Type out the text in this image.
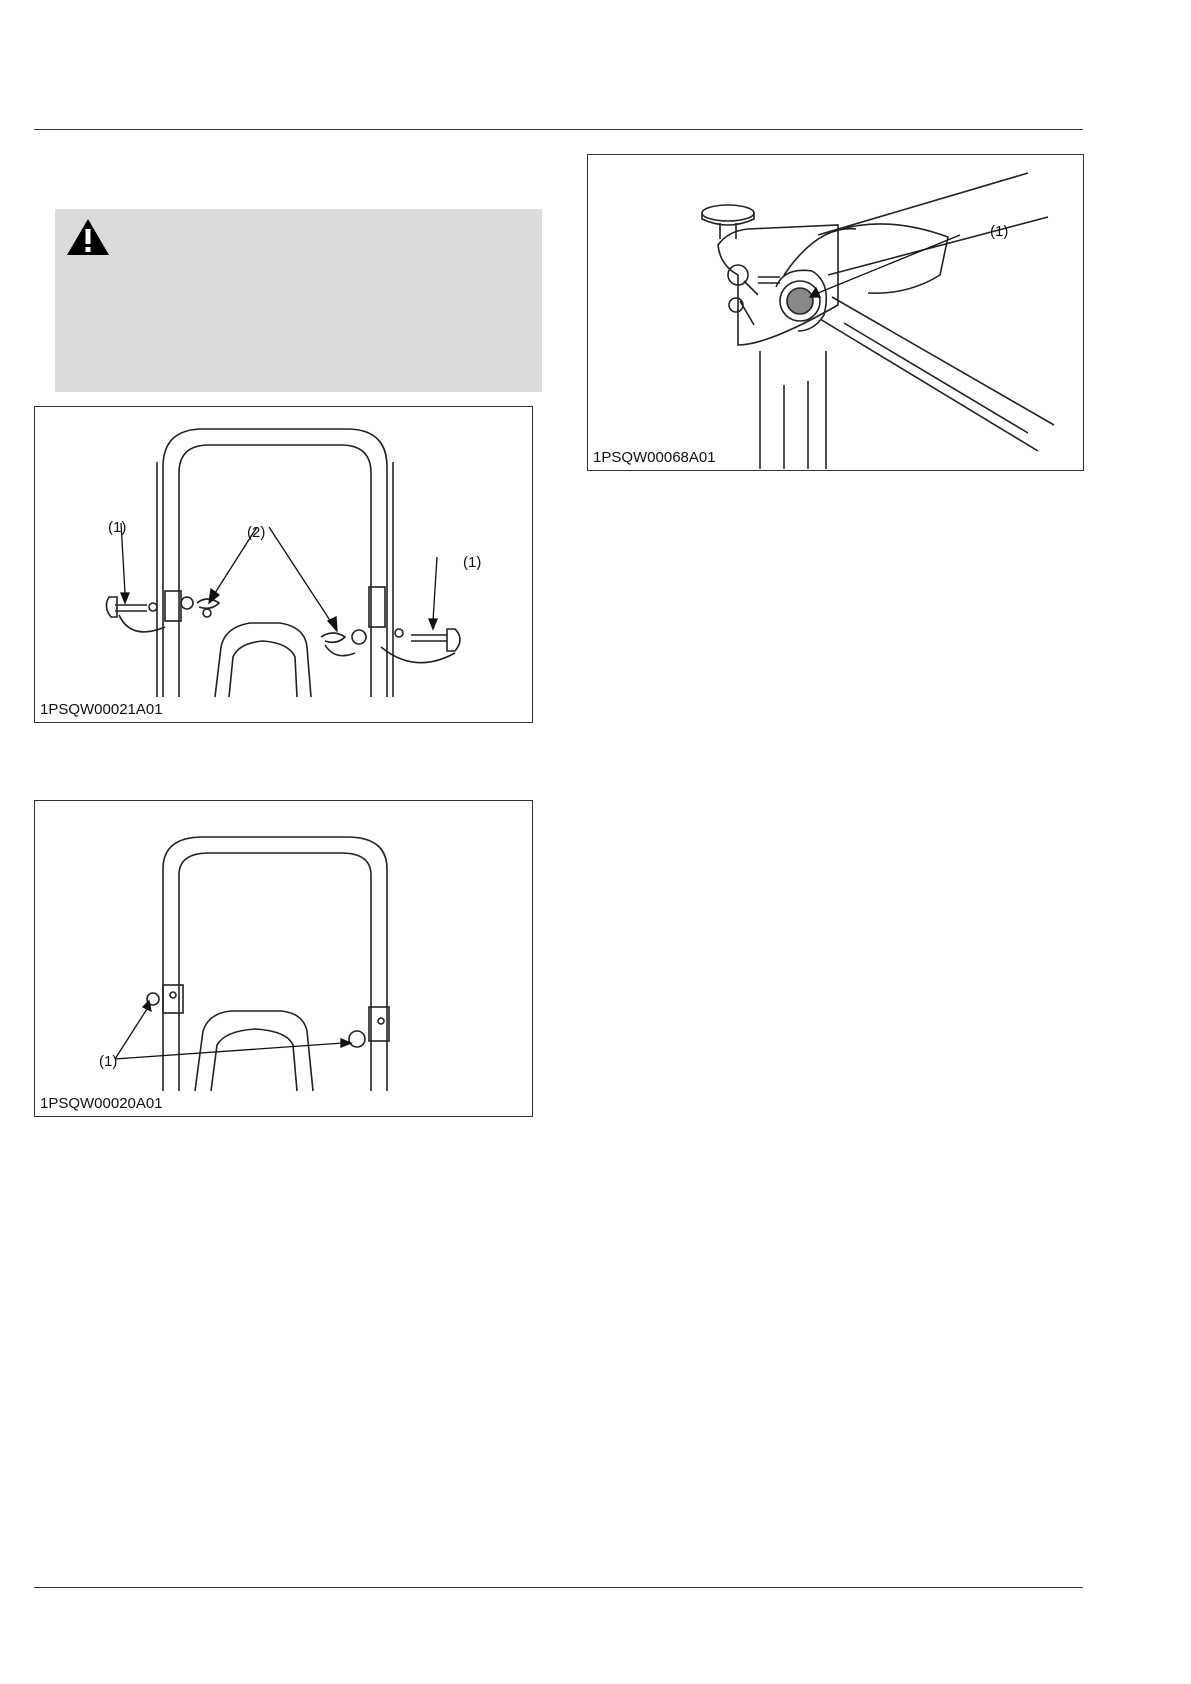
(1)	(2)
(1)
1PSQW00021A01
(1)
1PSQW00020A01
(1)
1PSQW00068A01
